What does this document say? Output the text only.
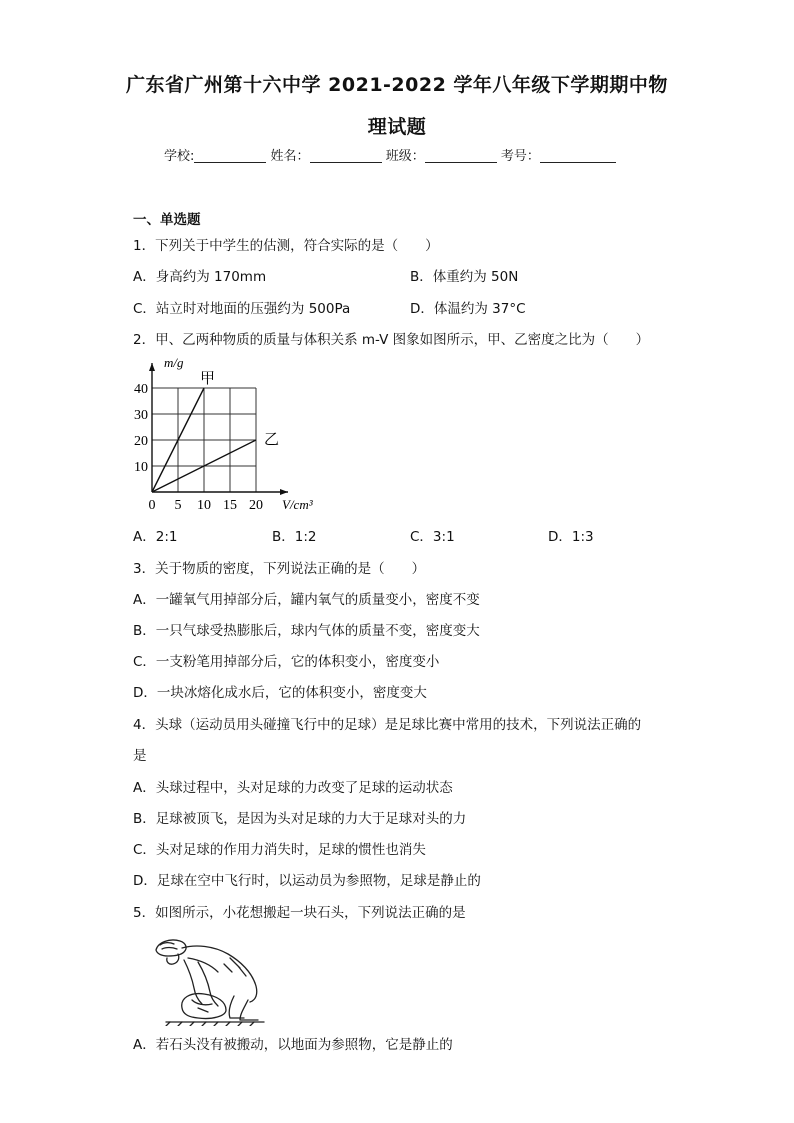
广东省广州第十六中学 2021-2022 学年八年级下学期期中物
理试题
学校:	姓名：	班级：	考号：
一、单选题
1．下列关于中学生的估测，符合实际的是（　　）
A．身高约为 170mm	B．体重约为 50N
C．站立时对地面的压强约为 500Pa	D．体温约为 37°C
2．甲、乙两种物质的质量与体积关系 m-V 图象如图所示，甲、乙密度之比为（　　）
甲
乙
0 5 10 15 20
10
20
30
40
m/g
V/cm³
A．2:1	B．1:2	C．3:1	D．1:3
3．关于物质的密度，下列说法正确的是（　　）
A．一罐氧气用掉部分后，罐内氧气的质量变小，密度不变
B．一只气球受热膨胀后，球内气体的质量不变，密度变大
C．一支粉笔用掉部分后，它的体积变小，密度变小
D．一块冰熔化成水后，它的体积变小，密度变大
4．头球（运动员用头碰撞飞行中的足球）是足球比赛中常用的技术，下列说法正确的
是
A．头球过程中，头对足球的力改变了足球的运动状态
B．足球被顶飞，是因为头对足球的力大于足球对头的力
C．头对足球的作用力消失时，足球的惯性也消失
D．足球在空中飞行时，以运动员为参照物，足球是静止的
5．如图所示，小花想搬起一块石头，下列说法正确的是
A．若石头没有被搬动，以地面为参照物，它是静止的
